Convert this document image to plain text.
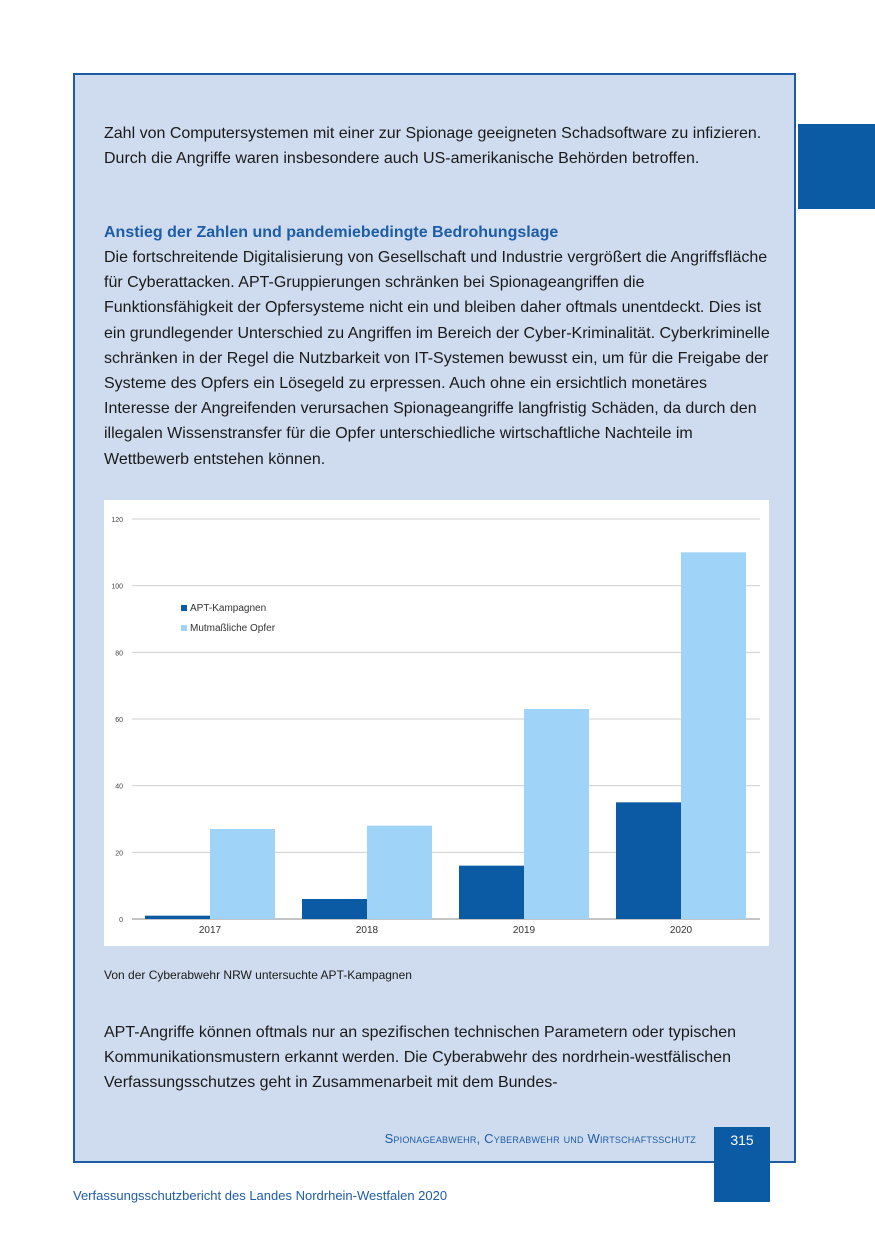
Zahl von Computersystemen mit einer zur Spionage geeigneten Schadsoftware zu infizieren. Durch die Angriffe waren insbesondere auch US-amerikanische Behörden betroffen.

Anstieg der Zahlen und pandemiebedingte Bedrohungslage

Die fortschreitende Digitalisierung von Gesellschaft und Industrie vergrößert die Angriffsfläche für Cyberattacken. APT-Gruppierungen schränken bei Spionageangriffen die Funktionsfähigkeit der Opfersysteme nicht ein und bleiben daher oftmals unentdeckt. Dies ist ein grundlegender Unterschied zu Angriffen im Bereich der Cyber-Kriminalität. Cyberkriminelle schränken in der Regel die Nutzbarkeit von IT-Systemen bewusst ein, um für die Freigabe der Systeme des Opfers ein Lösegeld zu erpressen. Auch ohne ein ersichtlich monetäres Interesse der Angreifenden verursachen Spionageangriffe langfristig Schäden, da durch den illegalen Wissenstransfer für die Opfer unterschiedliche wirtschaftliche Nachteile im Wettbewerb entstehen können.

0
20
40
60
80
100
120
2017	2018	2019	2020
APT-Kampagnen
Mutmaßliche Opfer

Von der Cyberabwehr NRW untersuchte APT-Kampagnen

APT-Angriffe können oftmals nur an spezifischen technischen Parametern oder typischen Kommunikationsmustern erkannt werden. Die Cyberabwehr des nordrhein-westfälischen Verfassungsschutzes geht in Zusammenarbeit mit dem Bundes-

Spionageabwehr, Cyberabwehr und Wirtschaftsschutz	315

Verfassungsschutzbericht des Landes Nordrhein-Westfalen 2020
